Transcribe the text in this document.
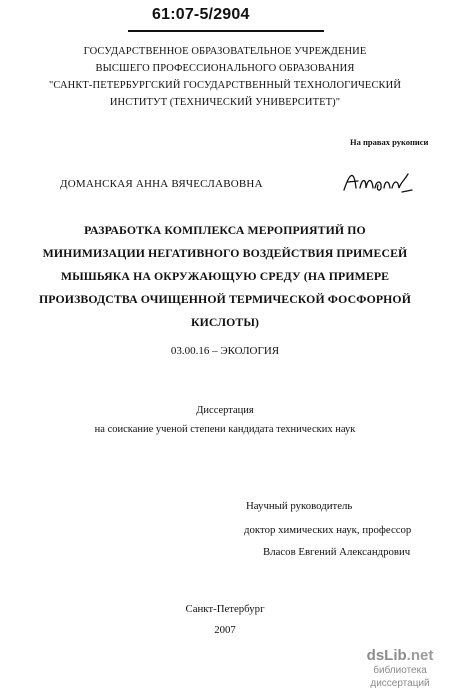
61:07-5/2904
ГОСУДАРСТВЕННОЕ ОБРАЗОВАТЕЛЬНОЕ УЧРЕЖДЕНИЕ
ВЫСШЕГО ПРОФЕССИОНАЛЬНОГО ОБРАЗОВАНИЯ
"САНКТ-ПЕТЕРБУРГСКИЙ ГОСУДАРСТВЕННЫЙ ТЕХНОЛОГИЧЕСКИЙ
ИНСТИТУТ (ТЕХНИЧЕСКИЙ УНИВЕРСИТЕТ)"
На правах рукописи
ДОМАНСКАЯ АННА ВЯЧЕСЛАВОВНА
РАЗРАБОТКА КОМПЛЕКСА МЕРОПРИЯТИЙ ПО
МИНИМИЗАЦИИ НЕГАТИВНОГО ВОЗДЕЙСТВИЯ ПРИМЕСЕЙ
МЫШЬЯКА НА ОКРУЖАЮЩУЮ СРЕДУ (НА ПРИМЕРЕ
ПРОИЗВОДСТВА ОЧИЩЕННОЙ ТЕРМИЧЕСКОЙ ФОСФОРНОЙ
КИСЛОТЫ)
03.00.16 – ЭКОЛОГИЯ
Диссертация
на соискание ученой степени кандидата технических наук
Научный руководитель
доктор химических наук, профессор
Власов Евгений Александрович
Санкт-Петербург
2007
dsLib.net
библиотека диссертаций
